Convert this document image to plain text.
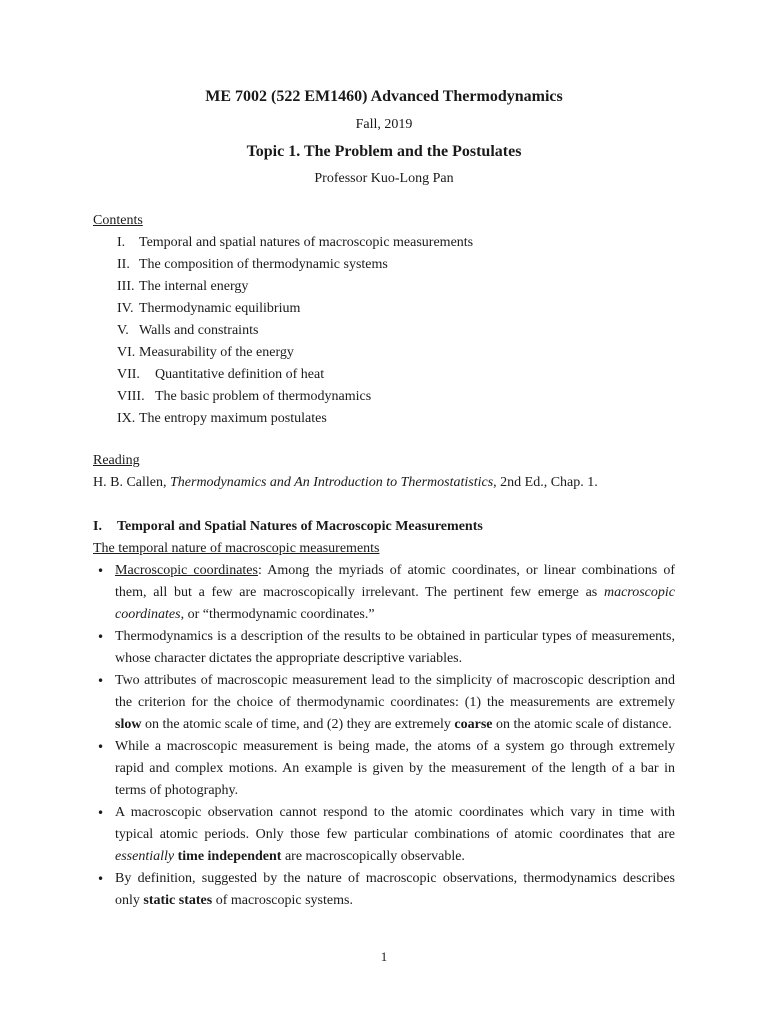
ME 7002 (522 EM1460) Advanced Thermodynamics
Fall, 2019
Topic 1. The Problem and the Postulates
Professor Kuo-Long Pan
Contents
I. Temporal and spatial natures of macroscopic measurements
II. The composition of thermodynamic systems
III. The internal energy
IV. Thermodynamic equilibrium
V. Walls and constraints
VI. Measurability of the energy
VII. Quantitative definition of heat
VIII. The basic problem of thermodynamics
IX. The entropy maximum postulates
Reading
H. B. Callen, Thermodynamics and An Introduction to Thermostatistics, 2nd Ed., Chap. 1.
I. Temporal and Spatial Natures of Macroscopic Measurements
The temporal nature of macroscopic measurements
• Macroscopic coordinates: Among the myriads of atomic coordinates, or linear combinations of them, all but a few are macroscopically irrelevant. The pertinent few emerge as macroscopic coordinates, or “thermodynamic coordinates.”
• Thermodynamics is a description of the results to be obtained in particular types of measurements, whose character dictates the appropriate descriptive variables.
• Two attributes of macroscopic measurement lead to the simplicity of macroscopic description and the criterion for the choice of thermodynamic coordinates: (1) the measurements are extremely slow on the atomic scale of time, and (2) they are extremely coarse on the atomic scale of distance.
• While a macroscopic measurement is being made, the atoms of a system go through extremely rapid and complex motions. An example is given by the measurement of the length of a bar in terms of photography.
• A macroscopic observation cannot respond to the atomic coordinates which vary in time with typical atomic periods. Only those few particular combinations of atomic coordinates that are essentially time independent are macroscopically observable.
• By definition, suggested by the nature of macroscopic observations, thermodynamics describes only static states of macroscopic systems.
1
